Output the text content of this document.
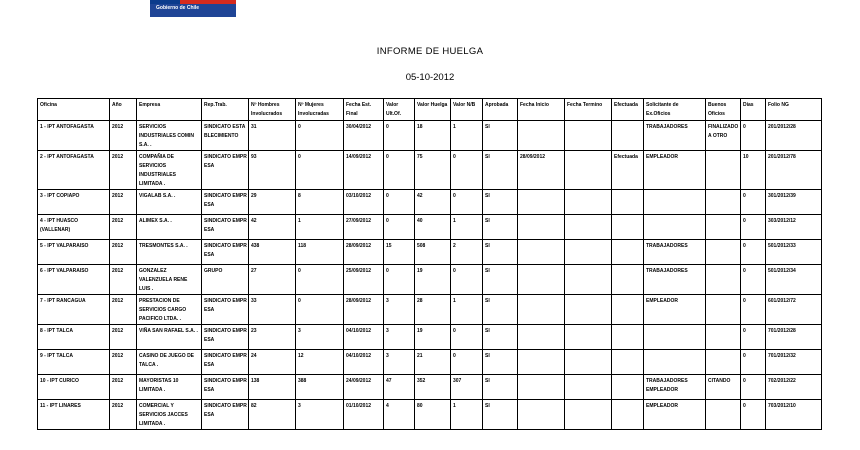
Gobierno de Chile
INFORME DE HUELGA
05-10-2012
Oficina	Año	Empresa	Rep.Trab.	Nº Hombres Involucrados	Nº Mujeres Involucradas	Fecha Est. Final	Valor Ult.Of.	Valor Huelga	Valor N/B	Aprobada	Fecha Inicio	Fecha Termino	Efectuada	Solicitante de Ex.Oficios	Buenos Oficios	Días	Folio NG
1 - IPT ANTOFAGASTA	2012	SERVICIOS INDUSTRIALES COMIN S.A. .	SINDICATO ESTABLECIMIENTO	31	0	30/04/2012	0	18	1	SI				TRABAJADORES	FINALIZADO A OTRO	0	201/2012/28
2 - IPT ANTOFAGASTA	2012	COMPAÑIA DE SERVICIOS INDUSTRIALES LIMITADA .	SINDICATO EMPRESA	93	0	14/09/2012	0	75	0	SI	28/09/2012		Efectuada	EMPLEADOR		10	201/2012/78
3 - IPT COPIAPO	2012	VIGALAB S.A. .	SINDICATO EMPRESA	29	8	03/10/2012	0	42	0	SI						0	301/2012/39
4 - IPT HUASCO (VALLENAR)	2012	ALIMEX S.A. .	SINDICATO EMPRESA	42	1	27/09/2012	0	40	1	SI						0	303/2012/12
5 - IPT VALPARAISO	2012	TRESMONTES S.A. .	SINDICATO EMPRESA	438	118	28/09/2012	15	508	2	SI				TRABAJADORES		0	501/2012/33
6 - IPT VALPARAISO	2012	GONZALEZ VALENZUELA RENE LUIS .	GRUPO	27	0	25/09/2012	0	19	0	SI				TRABAJADORES		0	501/2012/34
7 - IPT RANCAGUA	2012	PRESTACION DE SERVICIOS CARGO PACIFICO LTDA. .	SINDICATO EMPRESA	33	0	28/09/2012	3	28	1	SI				EMPLEADOR		0	601/2012/72
8 - IPT TALCA	2012	VIÑA SAN RAFAEL S.A. .	SINDICATO EMPRESA	23	3	04/10/2012	3	19	0	SI						0	701/2012/28
9 - IPT TALCA	2012	CASINO DE JUEGO DE TALCA .	SINDICATO EMPRESA	24	12	04/10/2012	3	21	0	SI						0	701/2012/32
10 - IPT CURICO	2012	MAYORISTAS 10 LIMITADA .	SINDICATO EMPRESA	138	388	24/09/2012	47	352	307	SI				TRABAJADORES EMPLEADOR	CITANDO	0	702/2012/22
11 - IPT LINARES	2012	COMERCIAL Y SERVICIOS JACCES LIMITADA .	SINDICATO EMPRESA	82	3	01/10/2012	4	80	1	SI				EMPLEADOR		0	703/2012/10
